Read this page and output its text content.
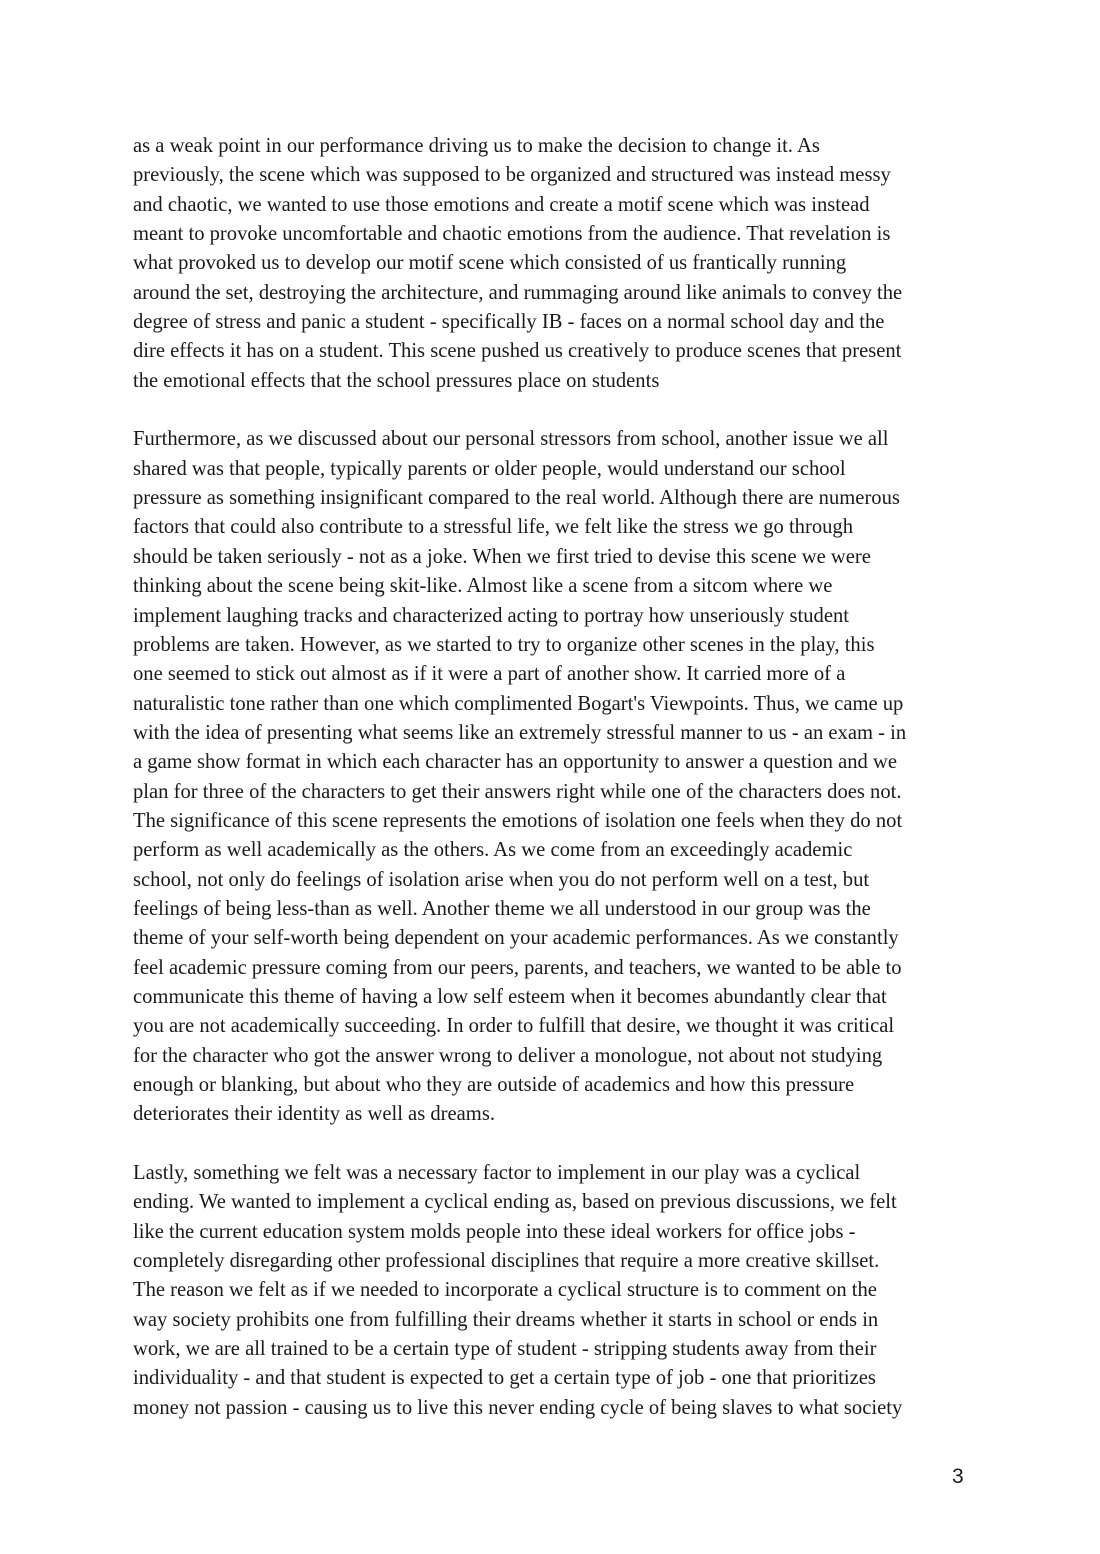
as a weak point in our performance driving us to make the decision to change it. As
previously, the scene which was supposed to be organized and structured was instead messy
and chaotic, we wanted to use those emotions and create a motif scene which was instead
meant to provoke uncomfortable and chaotic emotions from the audience. That revelation is
what provoked us to develop our motif scene which consisted of us frantically running
around the set, destroying the architecture, and rummaging around like animals to convey the
degree of stress and panic a student - specifically IB - faces on a normal school day and the
dire effects it has on a student. This scene pushed us creatively to produce scenes that present
the emotional effects that the school pressures place on students
Furthermore, as we discussed about our personal stressors from school, another issue we all
shared was that people, typically parents or older people, would understand our school
pressure as something insignificant compared to the real world. Although there are numerous
factors that could also contribute to a stressful life, we felt like the stress we go through
should be taken seriously - not as a joke. When we first tried to devise this scene we were
thinking about the scene being skit-like. Almost like a scene from a sitcom where we
implement laughing tracks and characterized acting to portray how unseriously student
problems are taken. However, as we started to try to organize other scenes in the play, this
one seemed to stick out almost as if it were a part of another show. It carried more of a
naturalistic tone rather than one which complimented Bogart's Viewpoints. Thus, we came up
with the idea of presenting what seems like an extremely stressful manner to us - an exam - in
a game show format in which each character has an opportunity to answer a question and we
plan for three of the characters to get their answers right while one of the characters does not.
The significance of this scene represents the emotions of isolation one feels when they do not
perform as well academically as the others. As we come from an exceedingly academic
school, not only do feelings of isolation arise when you do not perform well on a test, but
feelings of being less-than as well. Another theme we all understood in our group was the
theme of your self-worth being dependent on your academic performances. As we constantly
feel academic pressure coming from our peers, parents, and teachers, we wanted to be able to
communicate this theme of having a low self esteem when it becomes abundantly clear that
you are not academically succeeding. In order to fulfill that desire, we thought it was critical
for the character who got the answer wrong to deliver a monologue, not about not studying
enough or blanking, but about who they are outside of academics and how this pressure
deteriorates their identity as well as dreams.
Lastly, something we felt was a necessary factor to implement in our play was a cyclical
ending. We wanted to implement a cyclical ending as, based on previous discussions, we felt
like the current education system molds people into these ideal workers for office jobs -
completely disregarding other professional disciplines that require a more creative skillset.
The reason we felt as if we needed to incorporate a cyclical structure is to comment on the
way society prohibits one from fulfilling their dreams whether it starts in school or ends in
work, we are all trained to be a certain type of student - stripping students away from their
individuality - and that student is expected to get a certain type of job - one that prioritizes
money not passion - causing us to live this never ending cycle of being slaves to what society
3
